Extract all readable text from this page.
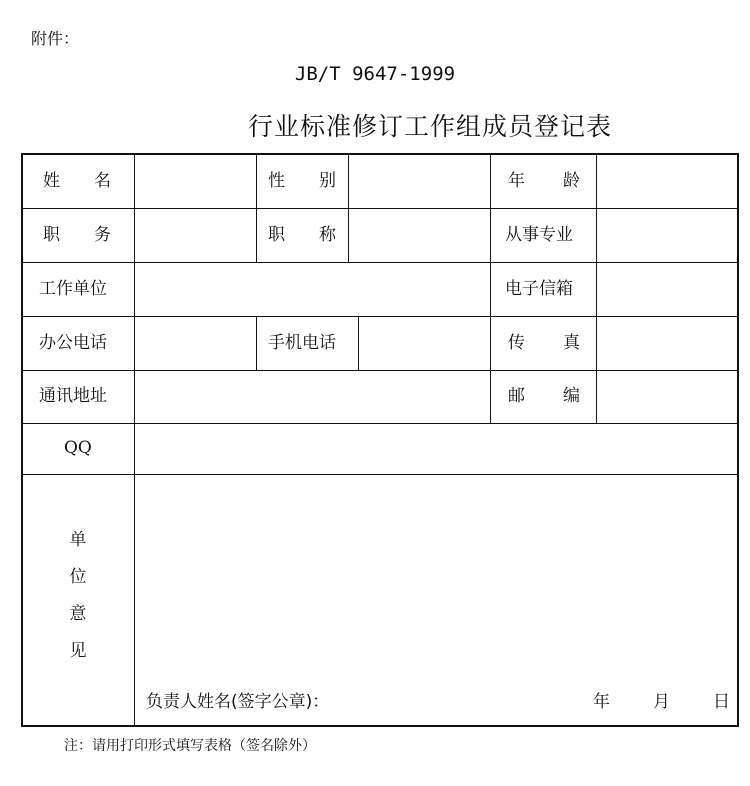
附件：
JB/T 9647-1999
行业标准修订工作组成员登记表
姓 名	性 别	年 龄
职 务	职 称	从事专业
工作单位	电子信箱
办公电话	手机电话	传 真
通讯地址	邮 编
QQ
单
位
意
见
负责人姓名(签字公章)：	年	月	日
注：请用打印形式填写表格（签名除外）
